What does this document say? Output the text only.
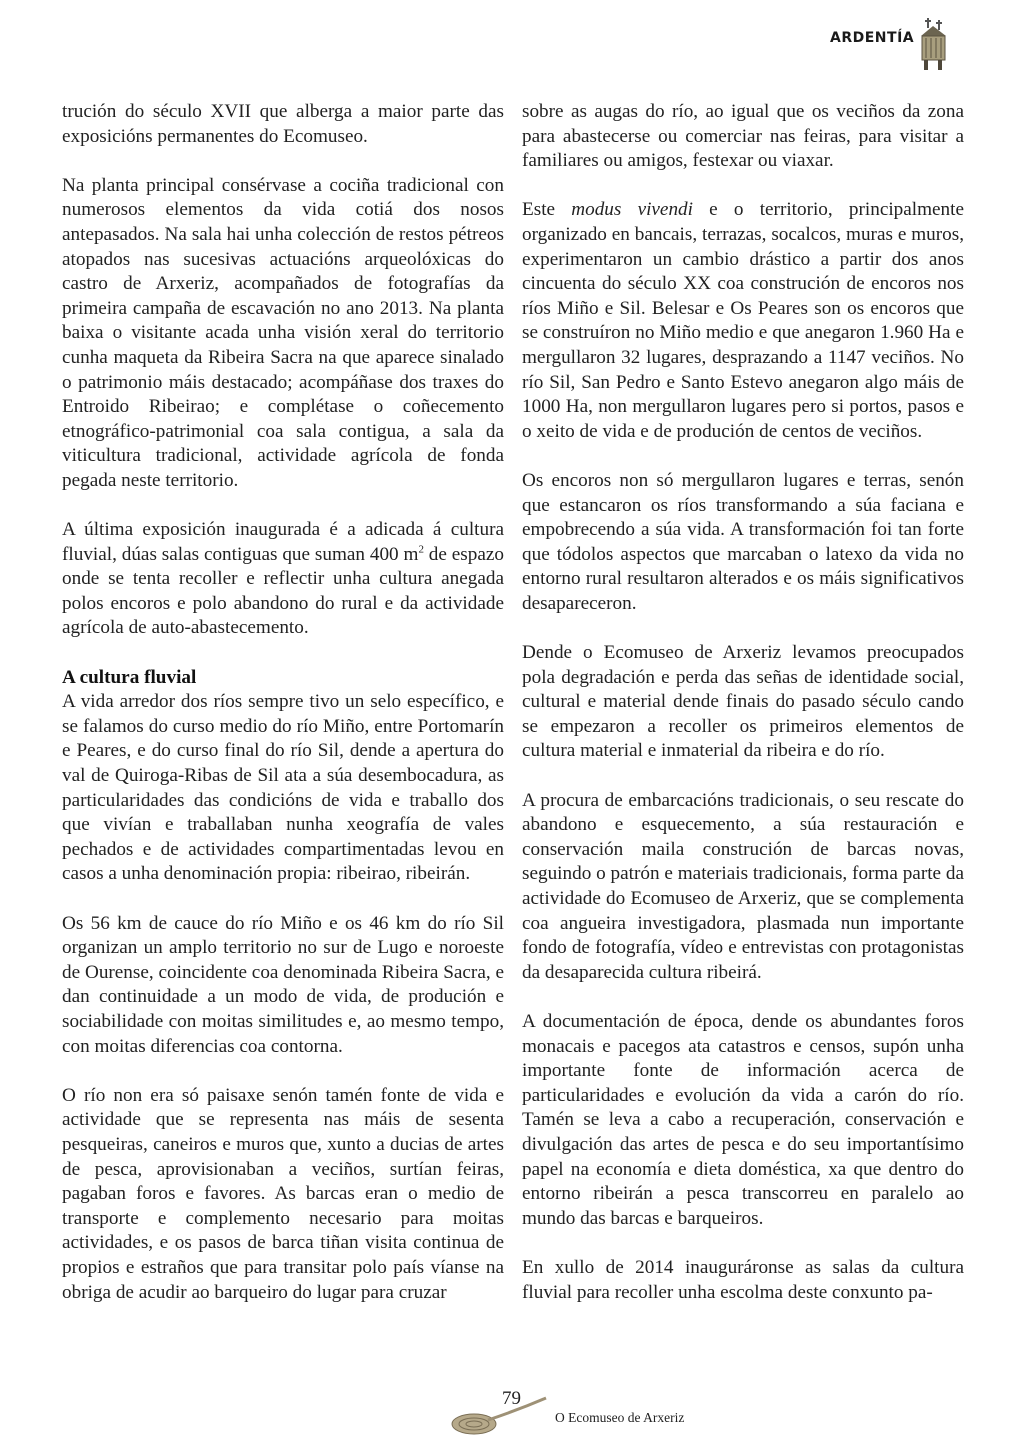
ARDENTÍA

trución do século XVII que alberga a maior parte das exposicións permanentes do Ecomuseo.

Na planta principal consérvase a cociña tradicional con numerosos elementos da vida cotiá dos nosos antepasados. Na sala hai unha colección de restos pétreos atopados nas sucesivas actuacións arqueolóxicas do castro de Arxeriz, acompañados de fotografías da primeira campaña de escavación no ano 2013. Na planta baixa o visitante acada unha visión xeral do territorio cunha maqueta da Ribeira Sacra na que aparece sinalado o patrimonio máis destacado; acompáñase dos traxes do Entroido Ribeirao; e complétase o coñecemento etnográfico-patrimonial coa sala contigua, a sala da viticultura tradicional, actividade agrícola de fonda pegada neste territorio.

A última exposición inaugurada é a adicada á cultura fluvial, dúas salas contiguas que suman 400 $m^2$ de espazo onde se tenta recoller e reflectir unha cultura anegada polos encoros e polo abandono do rural e da actividade agrícola de auto-abastecemento.

A cultura fluvial

A vida arredor dos ríos sempre tivo un selo específico, e se falamos do curso medio do río Miño, entre Portomarín e Peares, e do curso final do río Sil, dende a apertura do val de Quiroga-Ribas de Sil ata a súa desembocadura, as particularidades das condicións de vida e traballo dos que vivían e traballaban nunha xeografía de vales pechados e de actividades compartimentadas levou en casos a unha denominación propia: ribeirao, ribeirán.

Os 56 km de cauce do río Miño e os 46 km do río Sil organizan un amplo territorio no sur de Lugo e noroeste de Ourense, coincidente coa denominada Ribeira Sacra, e dan continuidade a un modo de vida, de produción e sociabilidade con moitas similitudes e, ao mesmo tempo, con moitas diferencias coa contorna.

O río non era só paisaxe senón tamén fonte de vida e actividade que se representa nas máis de sesenta pesqueiras, caneiros e muros que, xunto a ducias de artes de pesca, aprovisionaban a veciños, surtían feiras, pagaban foros e favores. As barcas eran o medio de transporte e complemento necesario para moitas actividades, e os pasos de barca tiñan visita continua de propios e estraños que para transitar polo país víanse na obriga de acudir ao barqueiro do lugar para cruzar

sobre as augas do río, ao igual que os veciños da zona para abastecerse ou comerciar nas feiras, para visitar a familiares ou amigos, festexar ou viaxar.

Este modus vivendi e o territorio, principalmente organizado en bancais, terrazas, socalcos, muras e muros, experimentaron un cambio drástico a partir dos anos cincuenta do século XX coa construción de encoros nos ríos Miño e Sil. Belesar e Os Peares son os encoros que se construíron no Miño medio e que anegaron 1.960 Ha e mergullaron 32 lugares, desprazando a 1147 veciños. No río Sil, San Pedro e Santo Estevo anegaron algo máis de 1000 Ha, non mergullaron lugares pero si portos, pasos e o xeito de vida e de produción de centos de veciños.

Os encoros non só mergullaron lugares e terras, senón que estancaron os ríos transformando a súa faciana e empobrecendo a súa vida. A transformación foi tan forte que tódolos aspectos que marcaban o latexo da vida no entorno rural resultaron alterados e os máis significativos desapareceron.

Dende o Ecomuseo de Arxeriz levamos preocupados pola degradación e perda das señas de identidade social, cultural e material dende finais do pasado século cando se empezaron a recoller os primeiros elementos de cultura material e inmaterial da ribeira e do río.

A procura de embarcacións tradicionais, o seu rescate do abandono e esquecemento, a súa restauración e conservación maila construción de barcas novas, seguindo o patrón e materiais tradicionais, forma parte da actividade do Ecomuseo de Arxeriz, que se complementa coa angueira investigadora, plasmada nun importante fondo de fotografía, vídeo e entrevistas con protagonistas da desaparecida cultura ribeirá.

A documentación de época, dende os abundantes foros monacais e pacegos ata catastros e censos, supón unha importante fonte de información acerca de particularidades e evolución da vida a carón do río. Tamén se leva a cabo a recuperación, conservación e divulgación das artes de pesca e do seu importantísimo papel na economía e dieta doméstica, xa que dentro do entorno ribeirán a pesca transcorreu en paralelo ao mundo das barcas e barqueiros.

En xullo de 2014 inauguráronse as salas da cultura fluvial para recoller unha escolma deste conxunto pa-

79
O Ecomuseo de Arxeriz
